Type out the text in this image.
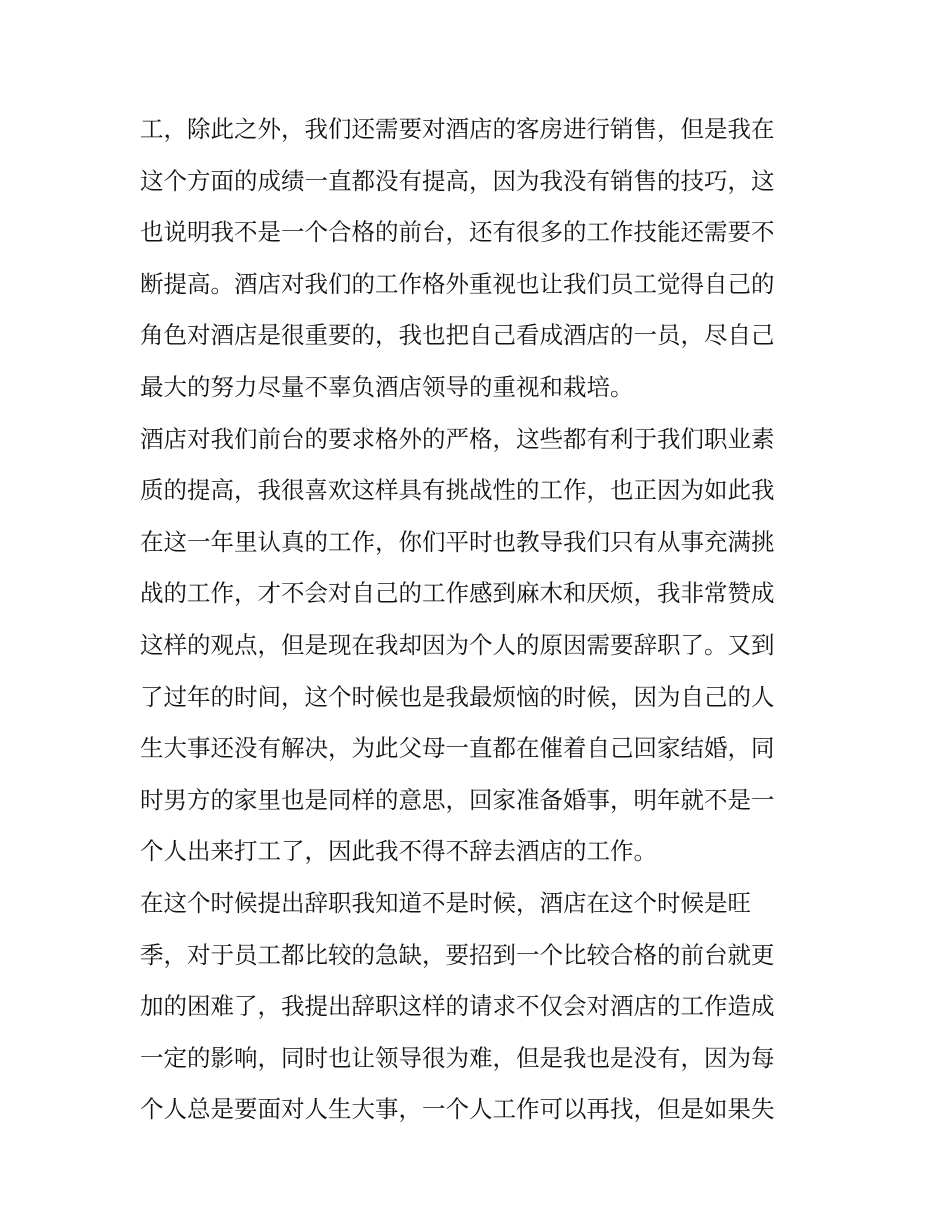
工，除此之外，我们还需要对酒店的客房进行销售，但是我在
这个方面的成绩一直都没有提高，因为我没有销售的技巧，这
也说明我不是一个合格的前台，还有很多的工作技能还需要不
断提高。酒店对我们的工作格外重视也让我们员工觉得自己的
角色对酒店是很重要的，我也把自己看成酒店的一员，尽自己
最大的努力尽量不辜负酒店领导的重视和栽培。
酒店对我们前台的要求格外的严格，这些都有利于我们职业素
质的提高，我很喜欢这样具有挑战性的工作，也正因为如此我
在这一年里认真的工作，你们平时也教导我们只有从事充满挑
战的工作，才不会对自己的工作感到麻木和厌烦，我非常赞成
这样的观点，但是现在我却因为个人的原因需要辞职了。又到
了过年的时间，这个时候也是我最烦恼的时候，因为自己的人
生大事还没有解决，为此父母一直都在催着自己回家结婚，同
时男方的家里也是同样的意思，回家准备婚事，明年就不是一
个人出来打工了，因此我不得不辞去酒店的工作。
在这个时候提出辞职我知道不是时候，酒店在这个时候是旺
季，对于员工都比较的急缺，要招到一个比较合格的前台就更
加的困难了，我提出辞职这样的请求不仅会对酒店的工作造成
一定的影响，同时也让领导很为难，但是我也是没有，因为每
个人总是要面对人生大事，一个人工作可以再找，但是如果失
